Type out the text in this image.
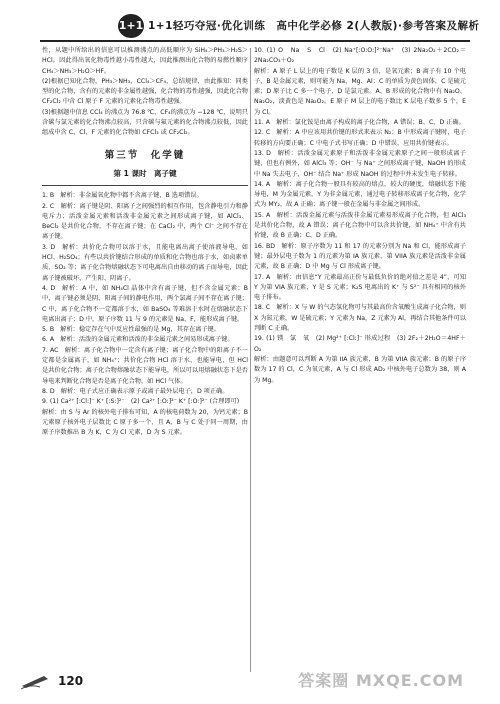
1+1 1+1轻巧夺冠·优化训练　高中化学必修 2(人教版)·参考答案及解析

性，从题中所给出的信息可以推测沸点的高低顺序为 SiH₄＞PH₃＞H₂S＞HCl。因此得出氧化物毒性越小毒性越大，因此推测出化合物的易燃性顺序CH₄＞NH₃＞H₂O＞HF。

(2)根据已知化合物，PH₃＞NH₃，CCl₄＞CF₄，总结规律，由此推知：同类型的化合物，含有的元素的非金属性越强，化合物的毒性越强，因此化合物 CF₂Cl₂ 中含 Cl 原子 F 元素的元素化合物毒性越强。

(3)根据题中信息 CCl₄ 的沸点为 76.8 ℃，CF₄的沸点为 −128 ℃，说明只含碳与氯元素的化合物沸点较高，只含碳与氟元素的化合物沸点较低，因此组成中含 C、Cl、F 元素的化合物如 CFCl₃ 或 CF₂Cl₂。

第三节　化学键
第 1 课时　离子键

1. B　解析：非金属氧化物中都不含离子键，B 选项错误。

2. C　解析：离子键是阴、阳离子之间强烈的相互作用，包含静电引力和静电斥力；活泼金属元素和活泼非金属元素之间形成离子键，如 AlCl₃、BeCl₂ 是共价化合物，不存在离子键；在 CaCl₂ 中，两个 Cl⁻ 之间不存在离子键。

3. D　解析：共价化合物可以溶于水，且能电离出离子使溶液导电，如 HCl、H₂SO₄；有些以共价键结合形成的单质和化合物也溶于水，如卤素单质、SO₂ 等；离子化合物熔融状态下可电离出自由移动的离子而导电，因此离子键被破坏，产生阳、阴离子。

4. D　解析：A 中，如 NH₄Cl 晶体中含有离子键，但不含金属元素；B 中，离子键必须是阴、阳离子间的静电作用，两个氯离子间不存在离子键；C 中，离子化合物不一定都溶于水，如 BaSO₄ 等难溶于水时在熔融状态下电离出离子；D 中，原子序数 11 与 9 的元素是 Na、F，能形成离子键。

5. B　解析：稳定存在气中反应性最强的是 Mg，其存在离子键。

6. A　解析：活泼的金属元素和活泼的非金属元素之间易形成离子键。

7. AC　解析：离子化合物中一定含有离子键；离子化合物中的阳离子不一定都是金属离子，如 NH₄⁺；共价化合物 HCl 溶于水，也能导电，但 HCl 是共价化合物；离子化合物熔融状态下能导电，所以可以用熔融状态下是否导电来判断化合物是否是离子化合物，如 HCl 气体。

8. D　解析：电子式应正确表示原子或离子最外层电子，D 项正确。

9. (1) Ca²⁺ [:Cl:]⁻ K⁺ [:S:]²⁻　(2) Ca²⁺ [:O:]²⁻ K⁺ [:O:]²⁻ (合理即可)

解析：由 S 与 Ar 的核外电子排布可知，A 的核电荷数为 20，为钙元素；B 元素原子核外电子层数比 C 原子多一个，且 A、B 与 C 处于同一周期，由原子序数推出 B 为 K，C 为 Cl 元素，D 为 S 元素。

10. (1) O　Na　S　Cl　(2) Na⁺[:O:O:]²⁻Na⁺　(3) 2Na₂O₂＋2CO₂＝2Na₂CO₃＋O₂

解析：A 原子 L 层上的电子数是 K 层的 3 倍，是氧元素；B 离子有 10 个电子，B 是金属元素，则可能为 Na、Mg、Al；C 的单质为黄色固体，C 是硫元素；D 原子比 C 多一个电子，D 是氯元素。A、B 形成的化合物中有 Na₂O、Na₂O₂，淡黄色是 Na₂O₂。E 原子 M 层上的电子数比 K 层电子数多 5 个，E 为 Cl。

11. A　解析：氯化铵是由离子构成的离子化合物，A 错误；B、C、D 正确。

12. C　解析：A 中应该用共价键的形式来表示 N₂；B 中形成离子键时，电子转移的方向要正确；C 中电子式书写正确；D 中错误，应用共价键表示。

13. D　解析：活泼金属元素原子和活泼非金属元素原子之间一般形成离子键，但也有例外，如 AlCl₃ 等；OH⁻ 与 Na⁺ 之间形成离子键，NaOH 的形成中 Na 失去电子，OH⁻ 结合 Na⁺ 形成 NaOH 的过程中并未发生电子转移。

14. A　解析：离子化合物一般具有较高的熔点，较大的硬度，熔融状态下能导电，M 为金属元素，Y 为非金属元素，通过电子转移形成离子化合物，化学式为 MY₂，故 A 正确；离子键一般在金属与非金属之间形成。

15. A　解析：活泼金属元素与活泼非金属元素易形成离子化合物，但 AlCl₃ 是共价化合物，故 A 错误；离子化合物中可以含共价键，如 NH₄⁺ 中含有共价键，故 B 正确；C、D 正确。

16. BD　解析：原子序数为 11 和 17 的元素分别为 Na 和 Cl，能形成离子键；最外层电子数为 1 的元素为第 IA 族元素，第 VIIA 族元素是活泼非金属元素，故 B 正确；D 中 Mg 与 Cl 形成离子键。

17. A　解析：由信息“Y 元素最高正价与最低负价的绝对值之差是 4”，可知 Y 为第 VIA 族元素，Y 是 S 元素；K₂S 电离出的 K⁺ 与 S²⁻ 具有相同的核外电子排布。

18. C　解析：X 与 W 的气态氢化物可与其最高价含氧酸生成离子化合物，则 X 为氮元素，W 是硫元素；Y 元素为 Na，Z 元素为 Al，再结合其他条件可以判断 C 正确。

19. (1) 镁　氯　氧　(2) Mg²⁺ [:Cl:]⁻ 形成过程　(3) 2F₂＋2H₂O＝4HF＋O₂

解析：由题意可以判断 A 为第 IIA 族元素，B 为第 VIIA 族元素；B 的原子序数为 17 的 Cl，C 为氧元素，A 与 Cl 形成 AD₂ 中核外电子总数为 38，则 A 为 Mg。

120	答案圈 MXQE.COM
